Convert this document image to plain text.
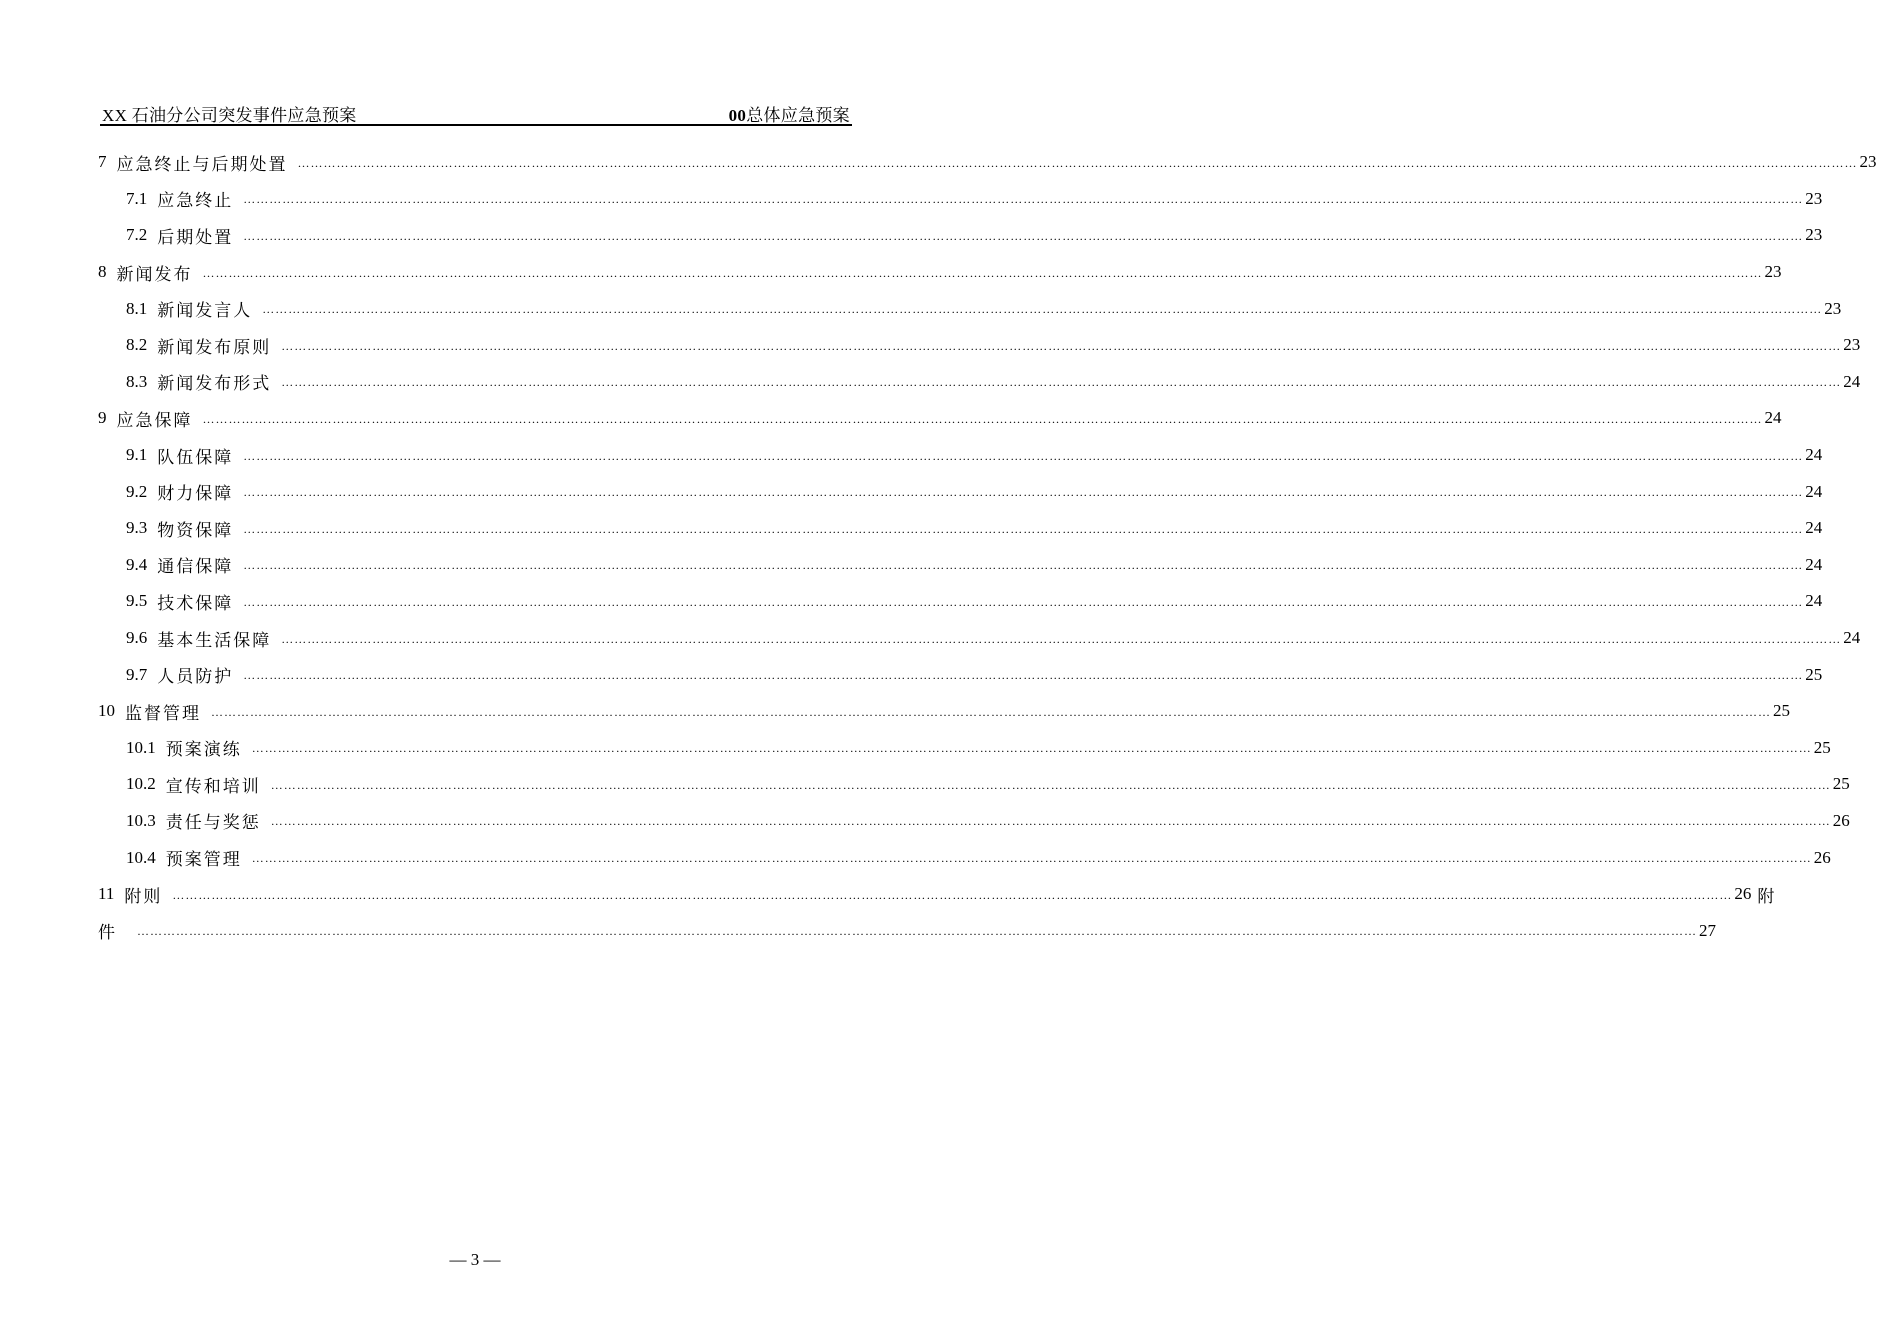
XX 石油分公司突发事件应急预案	00总体应急预案
7 应急终止与后期处置 ……………………………………………………………………………………………………………………………………………………………………………………………………………………………………………………………………………………………………………………………… 23
7.1 应急终止 ……………………………………………………………………………………………………………………………………………………………………………………………………………………………………………………………………………………………………………………………… 23
7.2 后期处置 ……………………………………………………………………………………………………………………………………………………………………………………………………………………………………………………………………………………………………………………………… 23
8 新闻发布 ……………………………………………………………………………………………………………………………………………………………………………………………………………………………………………………………………………………………………………………………… 23
8.1 新闻发言人 ……………………………………………………………………………………………………………………………………………………………………………………………………………………………………………………………………………………………………………………………… 23
8.2 新闻发布原则 ……………………………………………………………………………………………………………………………………………………………………………………………………………………………………………………………………………………………………………………………… 23
8.3 新闻发布形式 ……………………………………………………………………………………………………………………………………………………………………………………………………………………………………………………………………………………………………………………………… 24
9 应急保障 ……………………………………………………………………………………………………………………………………………………………………………………………………………………………………………………………………………………………………………………………… 24
9.1 队伍保障 ……………………………………………………………………………………………………………………………………………………………………………………………………………………………………………………………………………………………………………………………… 24
9.2 财力保障 ……………………………………………………………………………………………………………………………………………………………………………………………………………………………………………………………………………………………………………………………… 24
9.3 物资保障 ……………………………………………………………………………………………………………………………………………………………………………………………………………………………………………………………………………………………………………………………… 24
9.4 通信保障 ……………………………………………………………………………………………………………………………………………………………………………………………………………………………………………………………………………………………………………………………… 24
9.5 技术保障 ……………………………………………………………………………………………………………………………………………………………………………………………………………………………………………………………………………………………………………………………… 24
9.6 基本生活保障 ……………………………………………………………………………………………………………………………………………………………………………………………………………………………………………………………………………………………………………………………… 24
9.7 人员防护 ……………………………………………………………………………………………………………………………………………………………………………………………………………………………………………………………………………………………………………………………… 25
10 监督管理 ……………………………………………………………………………………………………………………………………………………………………………………………………………………………………………………………………………………………………………………………… 25
10.1 预案演练 ……………………………………………………………………………………………………………………………………………………………………………………………………………………………………………………………………………………………………………………………… 25
10.2 宣传和培训 ……………………………………………………………………………………………………………………………………………………………………………………………………………………………………………………………………………………………………………………………… 25
10.3 责任与奖惩 ……………………………………………………………………………………………………………………………………………………………………………………………………………………………………………………………………………………………………………………………… 26
10.4 预案管理 ……………………………………………………………………………………………………………………………………………………………………………………………………………………………………………………………………………………………………………………………… 26
11 附则 ……………………………………………………………………………………………………………………………………………………………………………………………………………………………………………………………………………………………………………………………… 26 附
件 ……………………………………………………………………………………………………………………………………………………………………………………………………………………………………………………………………………………………………………………………… 27
— 3 —
